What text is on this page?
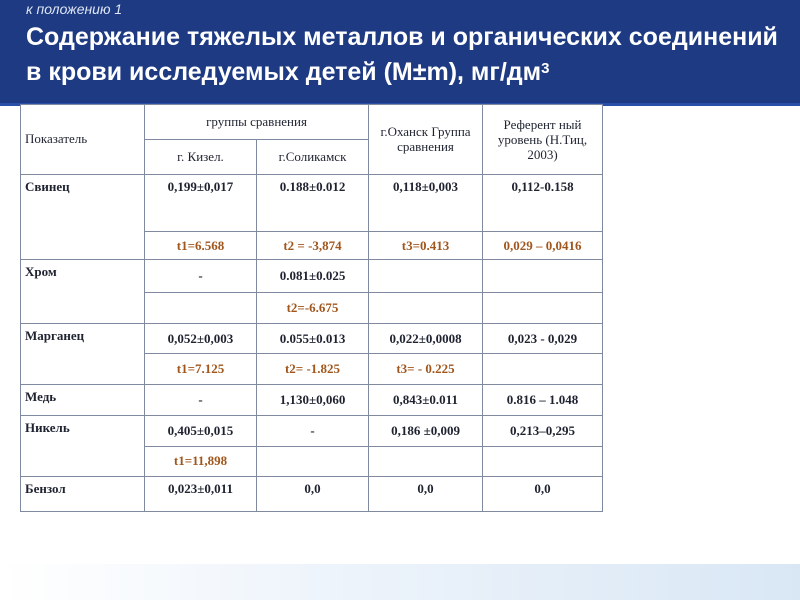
к положению 1
Содержание тяжелых металлов и органических соединений в крови исследуемых детей (М±m), $мг/дм^3$
Показатель	группы сравнения		г.Оханск Группа сравнения	Референт ный уровень (Н.Тиц, 2003)
	г. Кизел.	г.Соликамск		
Свинец	0,199±0,017	0.188±0.012	0,118±0,003	0,112-0.158
	t1=6.568	t2 = -3,874	t3=0.413	0,029 – 0,0416
Хром	-	0.081±0.025		
		t2=-6.675		
Марганец	0,052±0,003	0.055±0.013	0,022±0,0008	0,023 - 0,029
	t1=7.125	t2= -1.825	t3= - 0.225	
Медь	-	1,130±0,060	0,843±0.011	0.816 – 1.048
Никель	0,405±0,015	-	0,186 ±0,009	0,213–0,295
	t1=11,898			
Бензол	0,023±0,011	0,0	0,0	0,0
